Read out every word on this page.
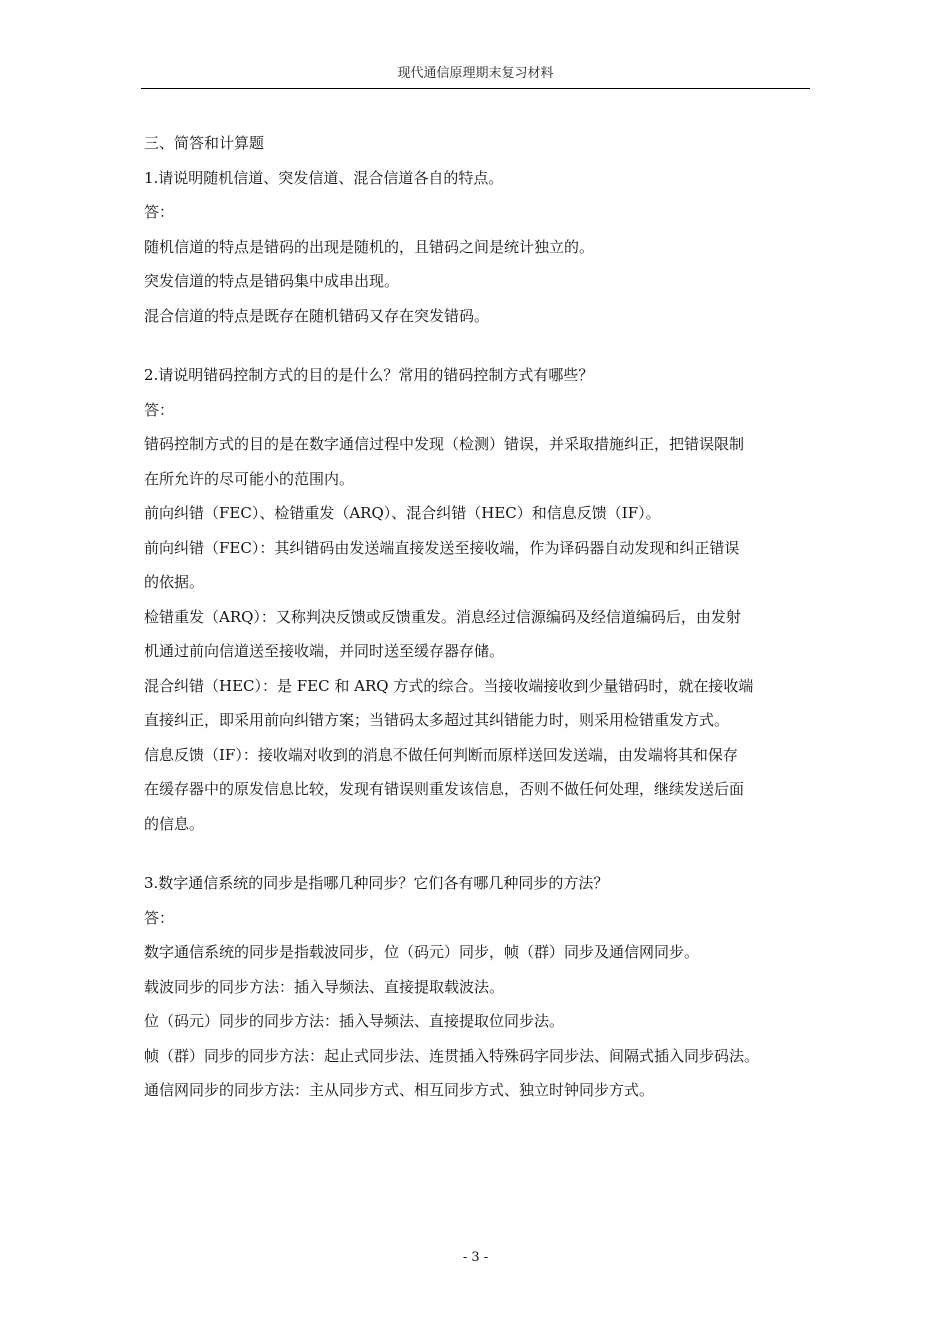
现代通信原理期末复习材料
三、简答和计算题
1.请说明随机信道、突发信道、混合信道各自的特点。
答：
随机信道的特点是错码的出现是随机的，且错码之间是统计独立的。
突发信道的特点是错码集中成串出现。
混合信道的特点是既存在随机错码又存在突发错码。
2.请说明错码控制方式的目的是什么？常用的错码控制方式有哪些？
答：
错码控制方式的目的是在数字通信过程中发现（检测）错误，并采取措施纠正，把错误限制
在所允许的尽可能小的范围内。
前向纠错（FEC）、检错重发（ARQ）、混合纠错（HEC）和信息反馈（IF）。
前向纠错（FEC）：其纠错码由发送端直接发送至接收端，作为译码器自动发现和纠正错误
的依据。
检错重发（ARQ）：又称判决反馈或反馈重发。消息经过信源编码及经信道编码后，由发射
机通过前向信道送至接收端，并同时送至缓存器存储。
混合纠错（HEC）：是 FEC 和 ARQ 方式的综合。当接收端接收到少量错码时，就在接收端
直接纠正，即采用前向纠错方案；当错码太多超过其纠错能力时，则采用检错重发方式。
信息反馈（IF）：接收端对收到的消息不做任何判断而原样送回发送端，由发端将其和保存
在缓存器中的原发信息比较，发现有错误则重发该信息，否则不做任何处理，继续发送后面
的信息。
3.数字通信系统的同步是指哪几种同步？它们各有哪几种同步的方法？
答：
数字通信系统的同步是指载波同步，位（码元）同步，帧（群）同步及通信网同步。
载波同步的同步方法：插入导频法、直接提取载波法。
位（码元）同步的同步方法：插入导频法、直接提取位同步法。
帧（群）同步的同步方法：起止式同步法、连贯插入特殊码字同步法、间隔式插入同步码法。
通信网同步的同步方法：主从同步方式、相互同步方式、独立时钟同步方式。
- 3 -
